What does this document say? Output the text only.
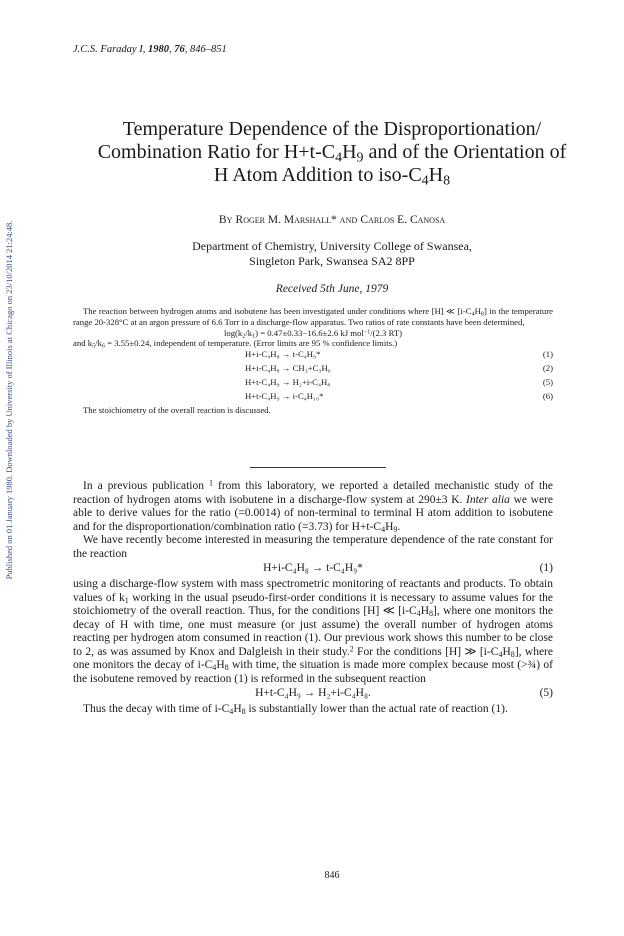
J.C.S. Faraday I, 1980, 76, 846–851
Published on 01 January 1980. Downloaded by University of Illinois at Chicago on 23/10/2014 21:24:48.
Temperature Dependence of the Disproportionation/
Combination Ratio for $H+t-C_4H_9$ and of the Orientation of
H Atom Addition to iso-$C_4H_8$
By Roger M. Marshall* and Carlos E. Canosa
Department of Chemistry, University College of Swansea,
Singleton Park, Swansea SA2 8PP
Received 5th June, 1979

The reaction between hydrogen atoms and isobutene has been investigated under conditions where [H] ≪ $[i-C_4H_8]$ in the temperature range 20-328°C at an argon pressure of 6.6 Torr in a discharge-flow apparatus. Two ratios of rate constants have been determined,

$\log(k_2/k_1) = 0.47\pm 0.33-16.6\pm 2.6$ kJ mol$^{-1}$/(2.3 RT)

and $k_5/k_6 = 3.55\pm 0.24$, independent of temperature. (Error limits are 95 % confidence limits.)

H+i-C₄H₈ → t-C₄H₉*	(1)
H+i-C₄H₈ → CH₃+C₃H₆	(2)
H+t-C₄H₉ → H₂+i-C₄H₈	(5)
H+t-C₄H₉ → i-C₄H₁₀*	(6)

The stoichiometry of the overall reaction is discussed.

In a previous publication $^1$ from this laboratory, we reported a detailed mechanistic study of the reaction of hydrogen atoms with isobutene in a discharge-flow system at 290±3 K. Inter alia we were able to derive values for the ratio (=0.0014) of non-terminal to terminal H atom addition to isobutene and for the disproportionation/combination ratio (=3.73) for $H+t-C_4H_9$.

We have recently become interested in measuring the temperature dependence of the rate constant for the reaction

H+i-C₄H₈ → t-C₄H₉*	(1)

using a discharge-flow system with mass spectrometric monitoring of reactants and products. To obtain values of $k_1$ working in the usual pseudo-first-order conditions it is necessary to assume values for the stoichiometry of the overall reaction. Thus, for the conditions [H] ≪ $[i-C_4H_8]$, where one monitors the decay of H with time, one must measure (or just assume) the overall number of hydrogen atoms reacting per hydrogen atom consumed in reaction (1). Our previous work shows this number to be close to 2, as was assumed by Knox and Dalgleish in their study.$^2$ For the conditions [H] ≫ $[i-C_4H_8]$, where one monitors the decay of $i-C_4H_8$ with time, the situation is made more complex because most (>¾) of the isobutene removed by reaction (1) is reformed in the subsequent reaction

H+t-C₄H₉ → H₂+i-C₄H₈.	(5)

Thus the decay with time of $i-C_4H_8$ is substantially lower than the actual rate of reaction (1).

846
